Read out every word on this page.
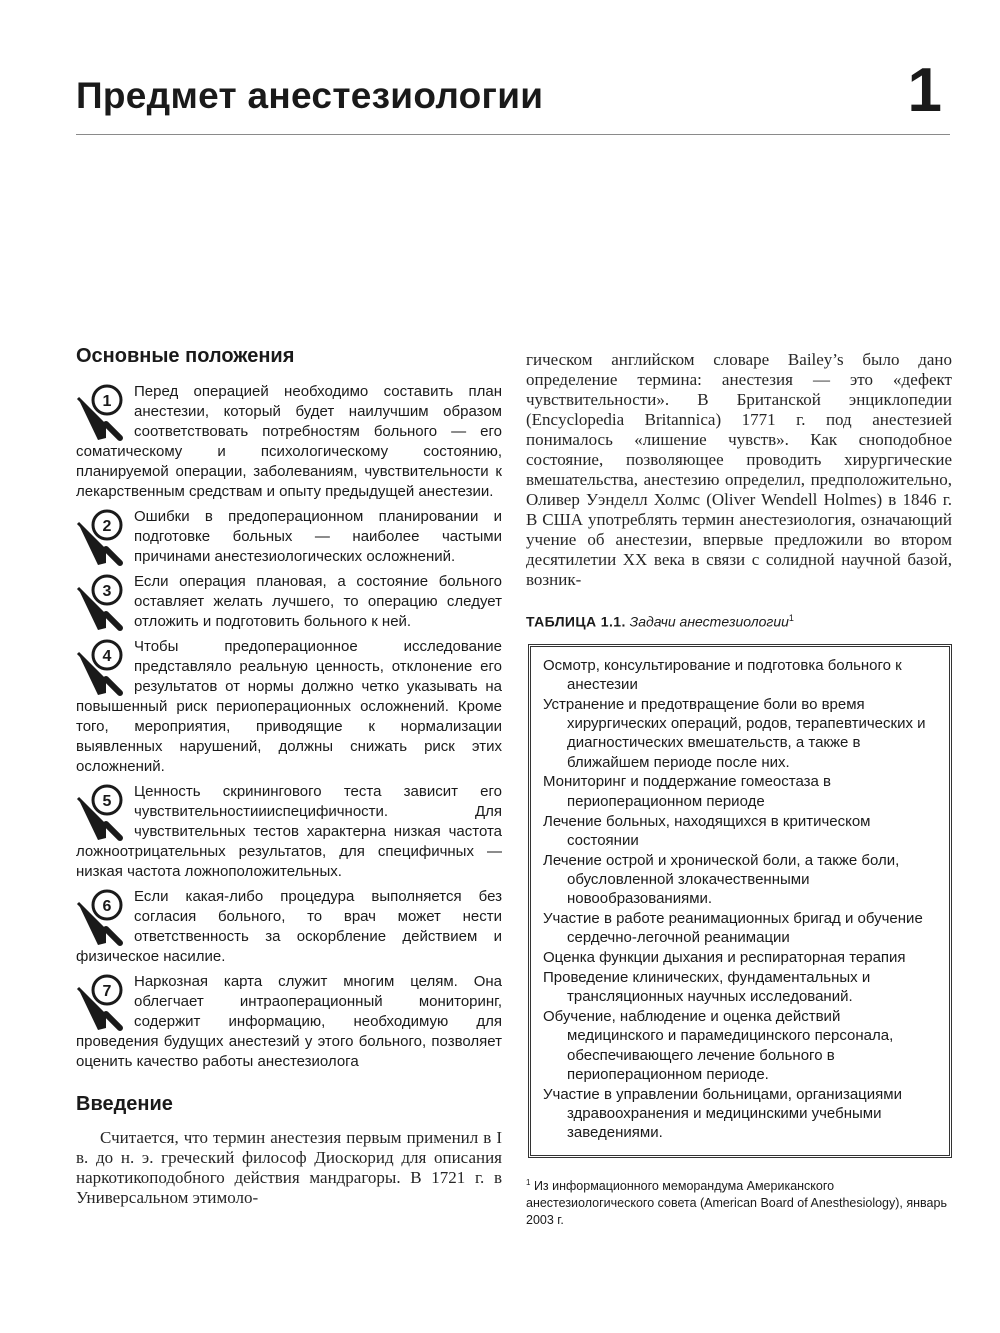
Предмет анестезиологии	1
Основные положения
1
Перед операцией необходимо составить план анестезии, который будет наилучшим образом соответствовать потребностям больного — его соматическому и психологическому состоянию, планируемой операции, заболеваниям, чувствительности к лекарственным средствам и опыту предыдущей анестезии.
2
Ошибки в предоперационном планировании и подготовке больных — наиболее частыми причинами анестезиологических осложнений.
3
Если операция плановая, а состояние больного оставляет желать лучшего, то операцию следует отложить и подготовить больного к ней.
4
Чтобы предоперационное исследование представляло реальную ценность, отклонение его результатов от нормы должно четко указывать на повышенный риск периоперационных осложнений. Кроме того, мероприятия, приводящие к нормализации выявленных нарушений, должны снижать риск этих осложнений.
5
Ценность скринингового теста зависит его чувствительностиииспецифичности. Для чувствительных тестов характерна низкая частота ложноотрицательных результатов, для специфичных — низкая частота ложноположительных.
6
Если какая-либо процедура выполняется без согласия больного, то врач может нести ответственность за оскорбление действием и физическое насилие.
7
Наркозная карта служит многим целям. Она облегчает интраоперационный мониторинг, содержит информацию, необходимую для проведения будущих анестезий у этого больного, позволяет оценить качество работы анестезиолога
Введение

Считается, что термин анестезия первым применил в I в. до н. э. греческий философ Диоскорид для описания наркотикоподобного действия мандрагоры. В 1721 г. в Универсальном этимоло-

гическом английском словаре Bailey’s было дано определение термина: анестезия — это «дефект чувствительности». В Британской энциклопедии (Encyclopedia Britannica) 1771 г. под анестезией понималось «лишение чувств». Как сноподобное состояние, позволяющее проводить хирургические вмешательства, анестезию определил, предположительно, Оливер Уэнделл Холмс (Oliver Wendell Holmes) в 1846 г. В США употреблять термин анестезиология, означающий учение об анестезии, впервые предложили во втором десятилетии XX века в связи с солидной научной базой, возник-

ТАБЛИЦА 1.1. Задачи анестезиологии$^1$
Осмотр, консультирование и подготовка больного к анестезии
Устранение и предотвращение боли во время хирургических операций, родов, терапевтических и диагностических вмешательств, а также в ближайшем периоде после них.
Мониторинг и поддержание гомеостаза в периоперационном периоде
Лечение больных, находящихся в критическом состоянии
Лечение острой и хронической боли, а также боли, обусловленной злокачественными новообразованиями.
Участие в работе реанимационных бригад и обучение сердечно-легочной реанимации
Оценка функции дыхания и респираторная терапия
Проведение клинических, фундаментальных и трансляционных научных исследований.
Обучение, наблюдение и оценка действий медицинского и парамедицинского персонала, обеспечивающего лечение больного в периоперационном периоде.
Участие в управлении больницами, организациями здравоохранения и медицинскими учебными заведениями.
$^1$ Из информационного меморандума Американского анестезиологического совета (American Board of Anesthesiology), январь 2003 г.
